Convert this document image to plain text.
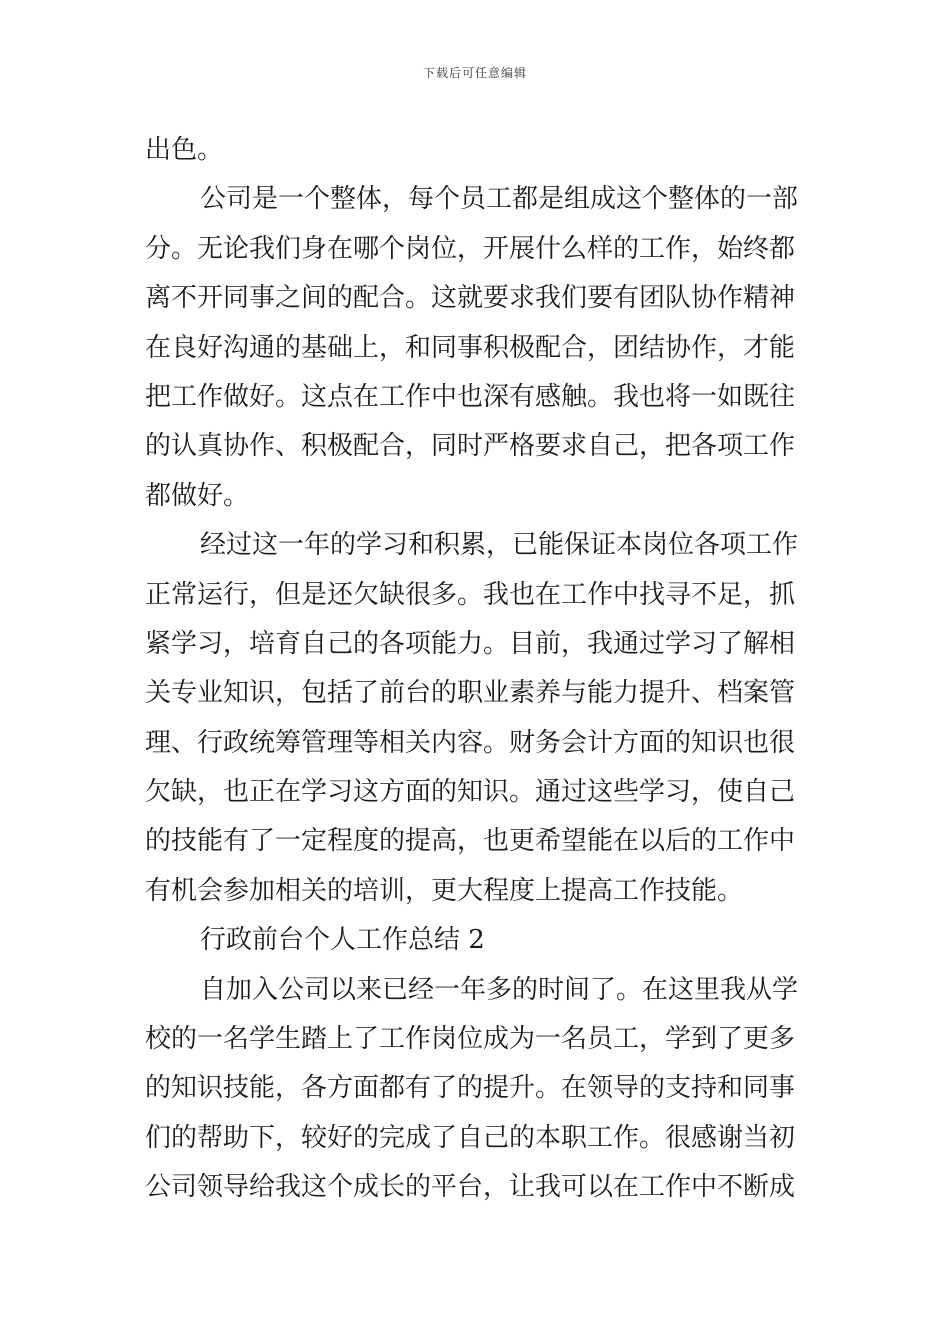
下载后可任意编辑
出色。
公司是一个整体，每个员工都是组成这个整体的一部
分。无论我们身在哪个岗位，开展什么样的工作，始终都
离不开同事之间的配合。这就要求我们要有团队协作精神
在良好沟通的基础上，和同事积极配合，团结协作，才能
把工作做好。这点在工作中也深有感触。我也将一如既往
的认真协作、积极配合，同时严格要求自己，把各项工作
都做好。
经过这一年的学习和积累，已能保证本岗位各项工作
正常运行，但是还欠缺很多。我也在工作中找寻不足，抓
紧学习，培育自己的各项能力。目前，我通过学习了解相
关专业知识，包括了前台的职业素养与能力提升、档案管
理、行政统筹管理等相关内容。财务会计方面的知识也很
欠缺，也正在学习这方面的知识。通过这些学习，使自己
的技能有了一定程度的提高，也更希望能在以后的工作中
有机会参加相关的培训，更大程度上提高工作技能。
行政前台个人工作总结 2
自加入公司以来已经一年多的时间了。在这里我从学
校的一名学生踏上了工作岗位成为一名员工，学到了更多
的知识技能，各方面都有了的提升。在领导的支持和同事
们的帮助下，较好的完成了自己的本职工作。很感谢当初
公司领导给我这个成长的平台，让我可以在工作中不断成
